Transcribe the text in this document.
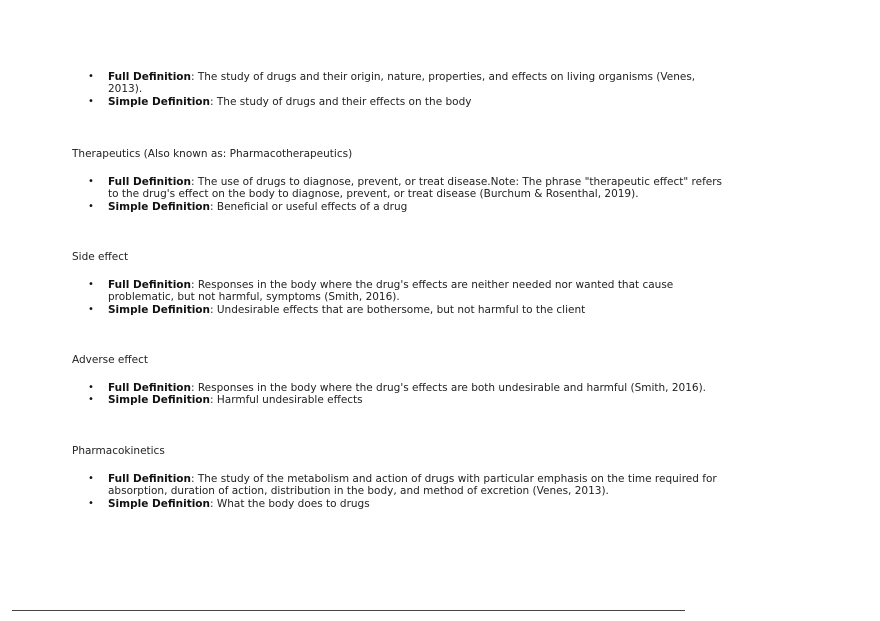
• Full Definition: The study of drugs and their origin, nature, properties, and effects on living organisms (Venes, 2013).
• Simple Definition: The study of drugs and their effects on the body

Therapeutics (Also known as: Pharmacotherapeutics)

• Full Definition: The use of drugs to diagnose, prevent, or treat disease.Note: The phrase "therapeutic effect" refers to the drug's effect on the body to diagnose, prevent, or treat disease (Burchum & Rosenthal, 2019).
• Simple Definition: Beneficial or useful effects of a drug

Side effect

• Full Definition: Responses in the body where the drug's effects are neither needed nor wanted that cause problematic, but not harmful, symptoms (Smith, 2016).
• Simple Definition: Undesirable effects that are bothersome, but not harmful to the client

Adverse effect

• Full Definition: Responses in the body where the drug's effects are both undesirable and harmful (Smith, 2016).
• Simple Definition: Harmful undesirable effects

Pharmacokinetics

• Full Definition: The study of the metabolism and action of drugs with particular emphasis on the time required for absorption, duration of action, distribution in the body, and method of excretion (Venes, 2013).
• Simple Definition: What the body does to drugs
